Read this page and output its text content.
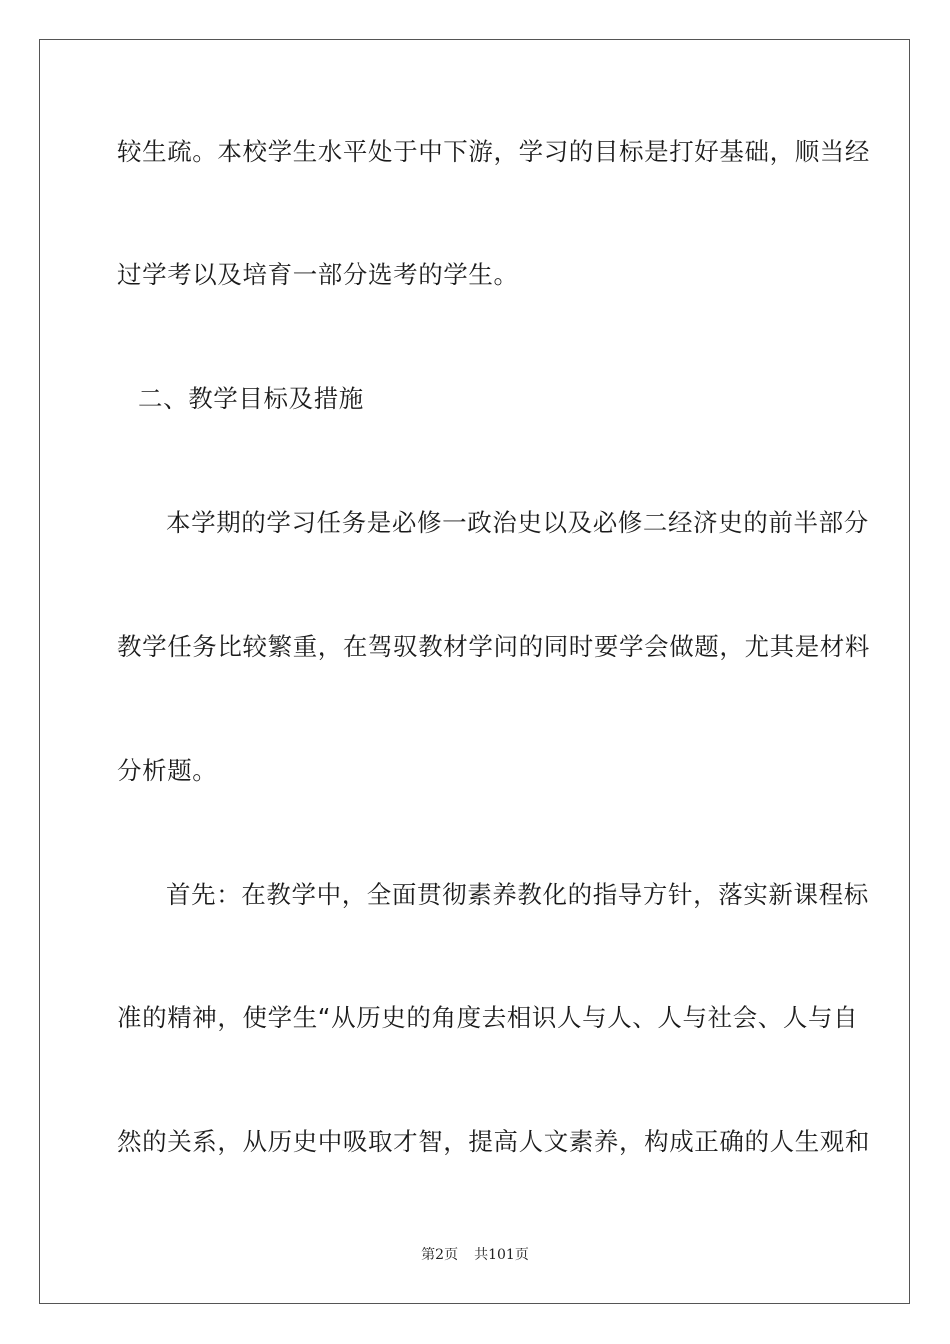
较生疏。本校学生水平处于中下游，学习的目标是打好基础，顺当经
过学考以及培育一部分选考的学生。
二、教学目标及措施
本学期的学习任务是必修一政治史以及必修二经济史的前半部分
教学任务比较繁重，在驾驭教材学问的同时要学会做题，尤其是材料
分析题。
首先：在教学中，全面贯彻素养教化的指导方针，落实新课程标
准的精神，使学生“从历史的角度去相识人与人、人与社会、人与自
然的关系，从历史中吸取才智，提高人文素养，构成正确的人生观和
第2页 共101页
